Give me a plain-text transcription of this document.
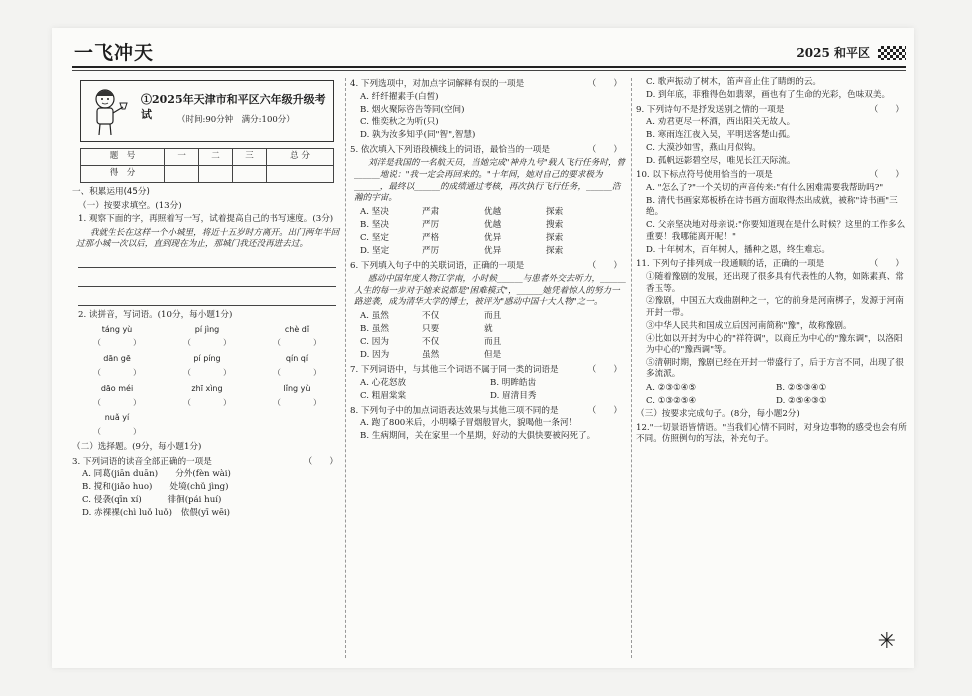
一飞冲天	2025 和平区
①2025年天津市和平区六年级升级考试	（时间:90分钟　满分:100分）
题　号	一	二	三	总 分
得　分				
一、积累运用(45分)
（一）按要求填空。(13分)
1. 观察下面的字，再照着写一写，试着提高自己的书写速度。(3分)
我就生长在这样一个小城里，将近十五岁时方离开。出门两年半回过那小城一次以后，直到现在为止，那城门我还没再进去过。
2. 读拼音，写词语。(10分，每小题1分)
táng yù	pí jìng	chè dǐ
（　　　　）	（　　　　）	（　　　　）
dān gē	pí píng	qín qí
（　　　　）	（　　　　）	（　　　　）
dāo méi	zhī xìng	lǐng yù
（　　　　）	（　　　　）	（　　　　）
nuǎ yí
（　　　　）
（二）选择题。(9分，每小题1分)
3. 下列词语的读音全部正确的一项是	（　　）
A. 同葛(jiān duān)　　分外(fèn wài)
B. 搅和(jiǎo huo)　　处境(chǔ jìng)
C. 侵袭(qīn xí)　　　徘徊(pái huí)
D. 赤裸裸(chì luǒ luǒ)　依偎(yī wēi)
4. 下列选项中，对加点字词解释有误的一项是	（　　）
A. 纤纤擢素手(白皙)
B. 烟火聚际咨告等同(空间)
C. 惟奕秋之为听(只)
D. 孰为汝多知乎(同"智",智慧)
5. 依次填入下列语段横线上的词语，最恰当的一项是	（　　）
刘洋是我国的一名航天员，当她完成"神舟九号"载人飞行任务时，曾______地说："我一定会再回来的。"十年间，她对自己的要求极为______，最终以______的成绩通过考核，再次执行飞行任务，______浩瀚的宇宙。
A. 坚决	严肃	优越	探索
B. 坚决	严厉	优越	搜索
C. 坚定	严格	优异	探索
D. 坚定	严厉	优异	探索
6. 下列填入句子中的关联词语，正确的一项是	（　　）
感动中国年度人物江学南，小时候______与患者外交去听力，______人生的每一步对于她来说都是"困难模式"，______她凭着惊人的努力一路逆袭，成为清华大学的博士，被评为"感动中国十大人物"之一。
A. 虽然	不仅	而且
B. 虽然	只要	就
C. 因为	不仅	而且
D. 因为	虽然	但是
7. 下列词语中，与其他三个词语不属于同一类的词语是	（　　）
A. 心花怒放	B. 明眸皓齿
C. 粗眉棠棠	D. 眉清目秀
8. 下列句子中的加点词语表达效果与其他三项不同的是	（　　）
A. 跑了800米后，小明嗓子冒烟般冒火，貌喝他一条河！
B. 生病期间，关在家里一个星期，好动的大俱快要被闷死了。
C. 歌声振动了树木，笛声音止住了睛朗的云。
D. 到年底，菲雅得色如翡翠，画也有了生命的光彩，色味双美。
9. 下列诗句不是抒发送别之情的一项是	（　　）
A. 劝君更尽一杯酒，西出阳关无故人。
B. 寒雨连江夜入吴，平明送客楚山孤。
C. 大漠沙如雪，燕山月似钩。
D. 孤帆远影碧空尽，唯见长江天际流。
10. 以下标点符号使用恰当的一项是	（　　）
A. "怎么了?"一个关切的声音传来:"有什么困难需要我帮助吗?"
B. 清代书画家郑板桥在诗书画方面取得杰出成就，被称"诗书画"三绝。
C. 父亲坚决地对母亲说:"你要知道现在是什么时候？这里的工作多么重要！我哪能离开呢！"
D. 十年树木，百年树人，播种之恩，终生难忘。
11. 下列句子排列成一段通顺的话，正确的一项是	（　　）
①随着豫剧的发展，还出现了很多具有代表性的人物，如陈素真、常香玉等。
②豫剧，中国五大戏曲剧种之一，它的前身是河南梆子，发源于河南开封一带。
③中华人民共和国成立后因河南简称"豫"，故称豫剧。
④比如以开封为中心的"祥符调"，以商丘为中心的"豫东调"，以洛阳为中心的"豫西调"等。
⑤清朝时期，豫剧已经在开封一带盛行了，后于方言不同，出现了很多流派。
A. ②③①④⑤	B. ②⑤③④①
C. ①③②⑤④	D. ②⑤④③①
（三）按要求完成句子。(8分，每小题2分)
12."一切景语皆情语。"当我们心情不同时，对身边事物的感受也会有所不同。仿照例句的写法，补充句子。
✳
